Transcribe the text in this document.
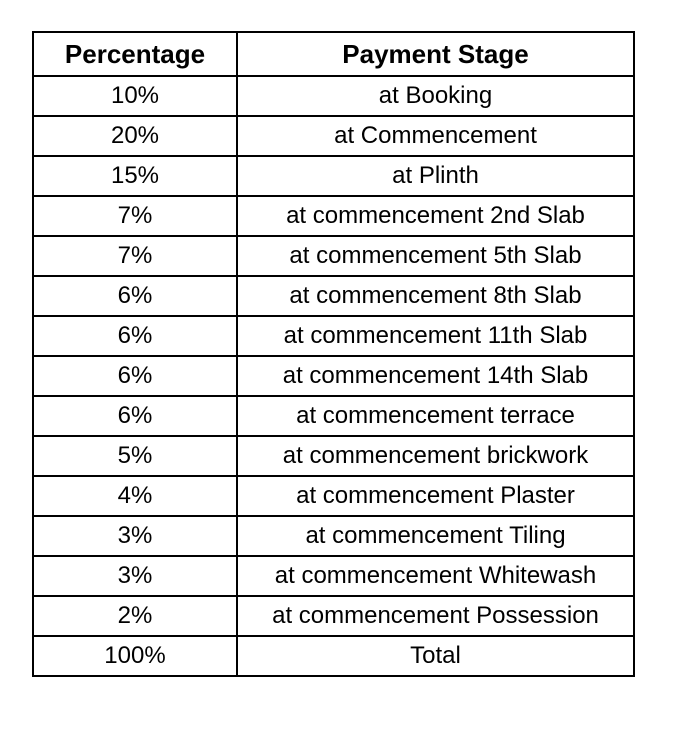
Percentage	Payment Stage
10%	at Booking
20%	at Commencement
15%	at Plinth
7%	at commencement 2nd Slab
7%	at commencement 5th Slab
6%	at commencement 8th Slab
6%	at commencement 11th Slab
6%	at commencement 14th Slab
6%	at commencement terrace
5%	at commencement brickwork
4%	at commencement Plaster
3%	at commencement Tiling
3%	at commencement Whitewash
2%	at commencement Possession
100%	Total
